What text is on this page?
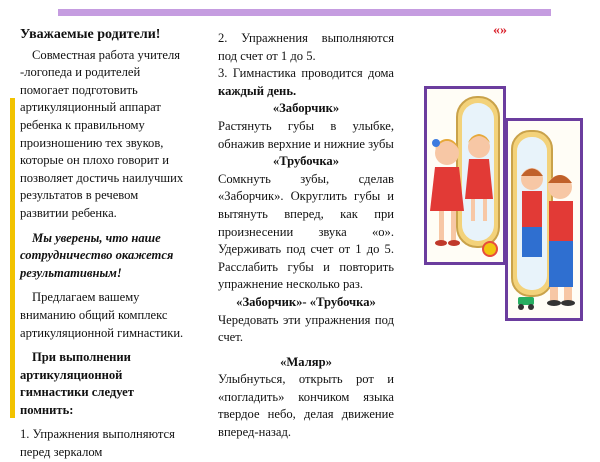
Уважаемые родители!

Совместная работа учителя -логопеда и родителей помогает подготовить артикуляционный аппарат ребенка к правильному произношению тех звуков, которые он плохо говорит и позволяет достичь наилучших результатов в речевом развитии ребенка.

Мы уверены, что наше сотрудничество окажется результативным!

Предлагаем вашему вниманию общий комплекс артикуляционной гимнастики.

При выполнении артикуляционной гимнастики следует помнить:

1. Упражнения выполняются перед зеркалом

2. Упражнения выполняются под счет от 1 до 5.

3. Гимнастика проводится дома каждый день.

«Заборчик»

Растянуть губы в улыбке, обнажив верхние и нижние зубы

«Трубочка»

Сомкнуть зубы, сделав «Заборчик». Округлить губы и вытянуть вперед, как при произнесении звука «о». Удерживать под счет от 1 до 5. Расслабить губы и повторить упражнение несколько раз.

«Заборчик»- «Трубочка»

Чередовать эти упражнения под счет.

«Маляр»

Улыбнуться, открыть рот и «погладить» кончиком языка твердое небо, делая движение вперед-назад.

«»
